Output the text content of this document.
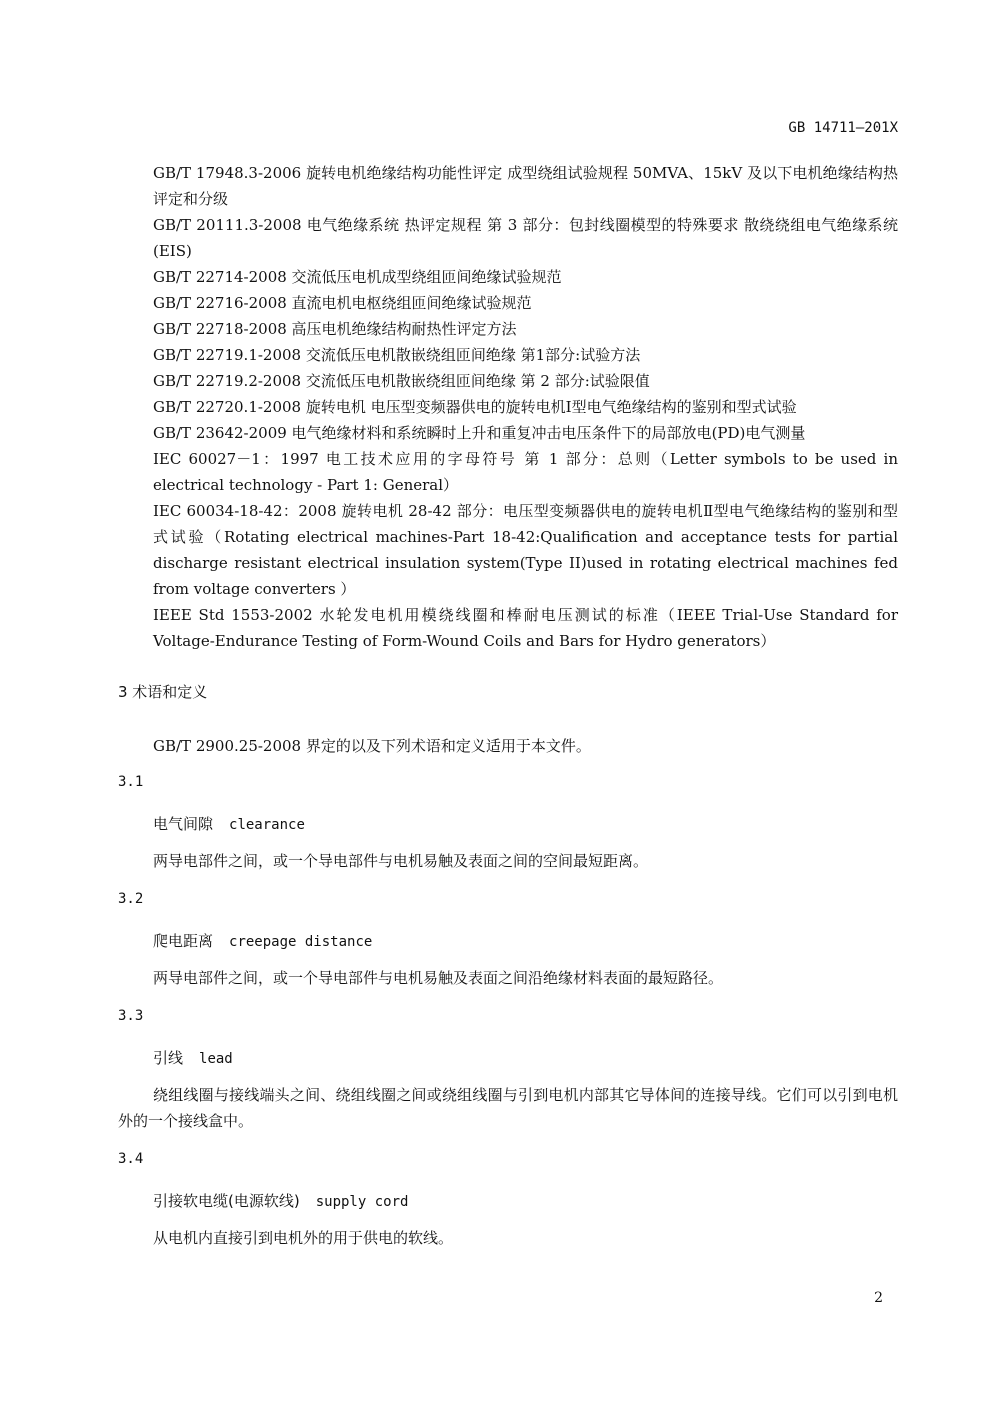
GB 14711—201X

GB/T 17948.3-2006 旋转电机绝缘结构功能性评定 成型绕组试验规程 50MVA、15kV 及以下电机绝缘结构热评定和分级

GB/T 20111.3-2008 电气绝缘系统 热评定规程 第 3 部分：包封线圈模型的特殊要求 散绕绕组电气绝缘系统(EIS)

GB/T 22714-2008 交流低压电机成型绕组匝间绝缘试验规范

GB/T 22716-2008 直流电机电枢绕组匝间绝缘试验规范

GB/T 22718-2008 高压电机绝缘结构耐热性评定方法

GB/T 22719.1-2008 交流低压电机散嵌绕组匝间绝缘 第1部分:试验方法

GB/T 22719.2-2008 交流低压电机散嵌绕组匝间绝缘 第 2 部分:试验限值

GB/T 22720.1-2008 旋转电机 电压型变频器供电的旋转电机Ⅰ型电气绝缘结构的鉴别和型式试验

GB/T 23642-2009 电气绝缘材料和系统瞬时上升和重复冲击电压条件下的局部放电(PD)电气测量

IEC 60027－1：1997 电工技术应用的字母符号 第 1 部分：总则（Letter symbols to be used in electrical technology - Part 1: General）

IEC 60034-18-42：2008 旋转电机 28-42 部分：电压型变频器供电的旋转电机Ⅱ型电气绝缘结构的鉴别和型式试验（Rotating electrical machines-Part 18-42:Qualification and acceptance tests for partial discharge resistant electrical insulation system(Type II)used in rotating electrical machines fed from voltage converters ）

IEEE Std 1553-2002 水轮发电机用模绕线圈和棒耐电压测试的标准（IEEE Trial-Use Standard for Voltage-Endurance Testing of Form-Wound Coils and Bars for Hydro generators）

3 术语和定义

GB/T 2900.25-2008 界定的以及下列术语和定义适用于本文件。

3.1
电气间隙 clearance

两导电部件之间，或一个导电部件与电机易触及表面之间的空间最短距离。

3.2
爬电距离 creepage distance

两导电部件之间，或一个导电部件与电机易触及表面之间沿绝缘材料表面的最短路径。

3.3
引线 lead

绕组线圈与接线端头之间、绕组线圈之间或绕组线圈与引到电机内部其它导体间的连接导线。它们可以引到电机外的一个接线盒中。

3.4
引接软电缆(电源软线) supply cord

从电机内直接引到电机外的用于供电的软线。

2
